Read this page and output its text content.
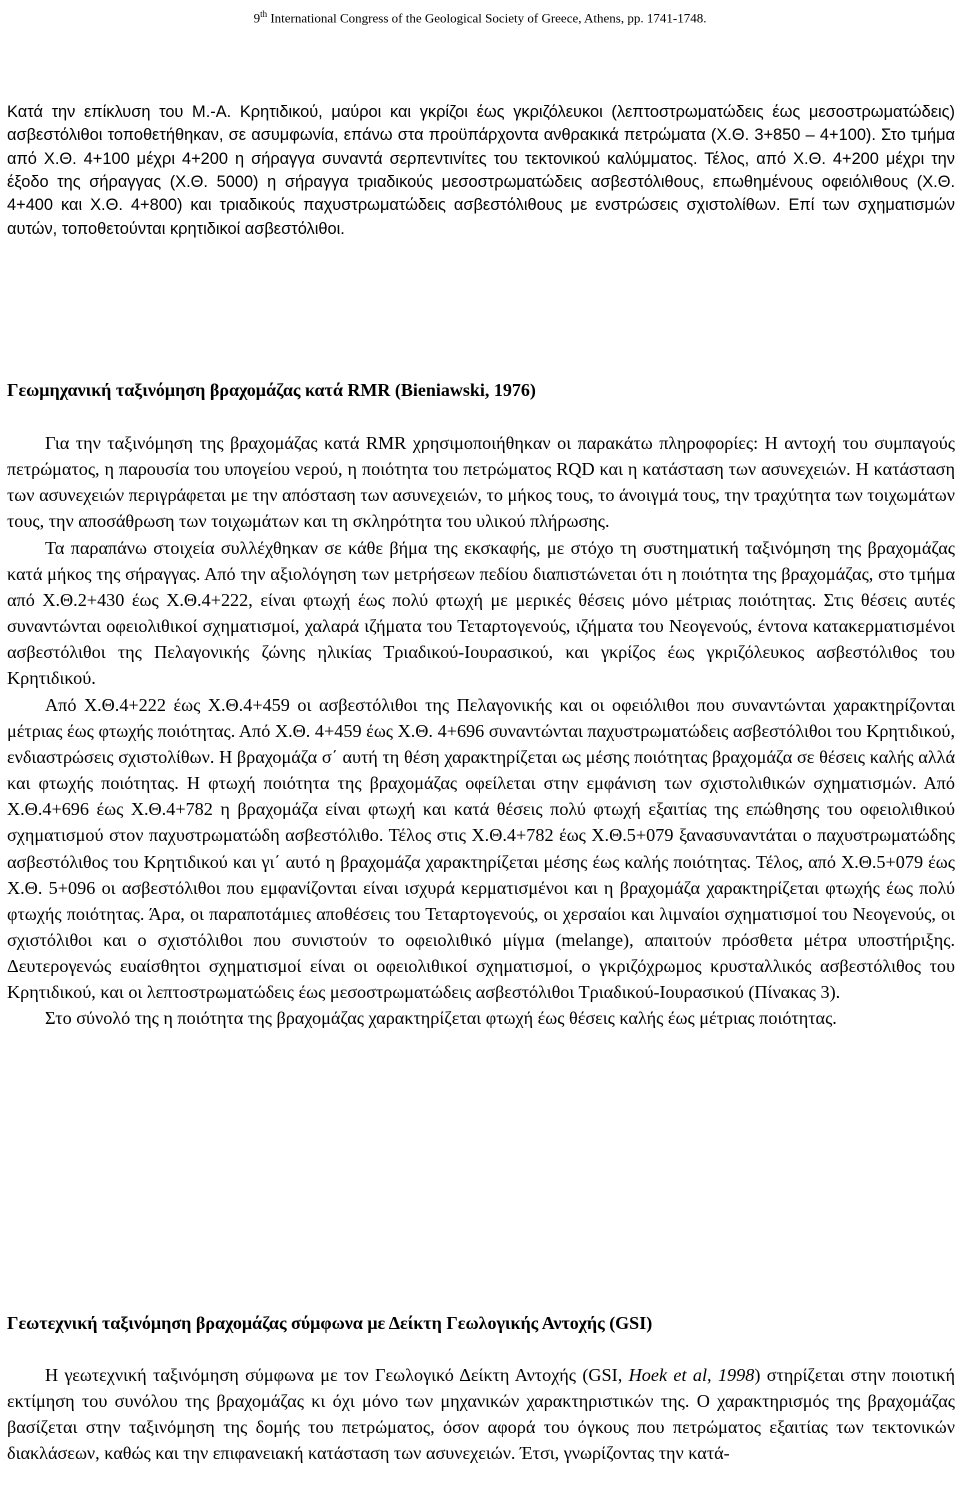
9th International Congress of the Geological Society of Greece, Athens, pp. 1741-1748.

Κατά την επίκλυση του Μ.-Α. Κρητιδικού, μαύροι και γκρίζοι έως γκριζόλευκοι (λεπτοστρωματώδεις έως μεσοστρωματώδεις) ασβεστόλιθοι τοποθετήθηκαν, σε ασυμφωνία, επάνω στα προϋπάρχοντα ανθρακικά πετρώματα (Χ.Θ. 3+850 – 4+100). Στο τμήμα από Χ.Θ. 4+100 μέχρι 4+200 η σήραγγα συναντά σερπεντινίτες του τεκτονικού καλύμματος. Τέλος, από Χ.Θ. 4+200 μέχρι την έξοδο της σήραγγας (Χ.Θ. 5000) η σήραγγα τριαδικούς μεσοστρωματώδεις ασβεστόλιθους, επωθημένους οφειόλιθους (Χ.Θ. 4+400 και Χ.Θ. 4+800) και τριαδικούς παχυστρωματώδεις ασβεστόλιθους με ενστρώσεις σχιστολίθων. Επί των σχηματισμών αυτών, τοποθετούνται κρητιδικοί ασβεστόλιθοι.

Γεωμηχανική ταξινόμηση βραχομάζας κατά RMR (Bieniawski, 1976)

Για την ταξινόμηση της βραχομάζας κατά RMR χρησιμοποιήθηκαν οι παρακάτω πληροφορίες: Η αντοχή του συμπαγούς πετρώματος, η παρουσία του υπογείου νερού, η ποιότητα του πετρώματος RQD και η κατάσταση των ασυνεχειών. Η κατάσταση των ασυνεχειών περιγράφεται με την απόσταση των ασυνεχειών, το μήκος τους, το άνοιγμά τους, την τραχύτητα των τοιχωμάτων τους, την αποσάθρωση των τοιχωμάτων και τη σκληρότητα του υλικού πλήρωσης.

Τα παραπάνω στοιχεία συλλέχθηκαν σε κάθε βήμα της εκσκαφής, με στόχο τη συστηματική ταξινόμηση της βραχομάζας κατά μήκος της σήραγγας. Από την αξιολόγηση των μετρήσεων πεδίου διαπιστώνεται ότι η ποιότητα της βραχομάζας, στο τμήμα από Χ.Θ.2+430 έως Χ.Θ.4+222, είναι φτωχή έως πολύ φτωχή με μερικές θέσεις μόνο μέτριας ποιότητας. Στις θέσεις αυτές συναντώνται οφειολιθικοί σχηματισμοί, χαλαρά ιζήματα του Τεταρτογενούς, ιζήματα του Νεογενούς, έντονα κατακερματισμένοι ασβεστόλιθοι της Πελαγονικής ζώνης ηλικίας Τριαδικού-Ιουρασικού, και γκρίζος έως γκριζόλευκος ασβεστόλιθος του Κρητιδικού.

Από Χ.Θ.4+222 έως Χ.Θ.4+459 οι ασβεστόλιθοι της Πελαγονικής και οι οφειόλιθοι που συναντώνται χαρακτηρίζονται μέτριας έως φτωχής ποιότητας. Από Χ.Θ. 4+459 έως Χ.Θ. 4+696 συναντώνται παχυστρωματώδεις ασβεστόλιθοι του Κρητιδικού, ενδιαστρώσεις σχιστολίθων. Η βραχομάζα σ΄ αυτή τη θέση χαρακτηρίζεται ως μέσης ποιότητας βραχομάζα σε θέσεις καλής αλλά και φτωχής ποιότητας. Η φτωχή ποιότητα της βραχομάζας οφείλεται στην εμφάνιση των σχιστολιθικών σχηματισμών. Από Χ.Θ.4+696 έως Χ.Θ.4+782 η βραχομάζα είναι φτωχή και κατά θέσεις πολύ φτωχή εξαιτίας της επώθησης του οφειολιθικού σχηματισμού στον παχυστρωματώδη ασβεστόλιθο. Τέλος στις Χ.Θ.4+782 έως Χ.Θ.5+079 ξανασυναντάται ο παχυστρωματώδης ασβεστόλιθος του Κρητιδικού και γι΄ αυτό η βραχομάζα χαρακτηρίζεται μέσης έως καλής ποιότητας. Τέλος, από Χ.Θ.5+079 έως Χ.Θ. 5+096 οι ασβεστόλιθοι που εμφανίζονται είναι ισχυρά κερματισμένοι και η βραχομάζα χαρακτηρίζεται φτωχής έως πολύ φτωχής ποιότητας. Άρα, οι παραποτάμιες αποθέσεις του Τεταρτογενούς, οι χερσαίοι και λιμναίοι σχηματισμοί του Νεογενούς, οι σχιστόλιθοι και ο σχιστόλιθοι που συνιστούν το οφειολιθικό μίγμα (melange), απαιτούν πρόσθετα μέτρα υποστήριξης. Δευτερογενώς ευαίσθητοι σχηματισμοί είναι οι οφειολιθικοί σχηματισμοί, ο γκριζόχρωμος κρυσταλλικός ασβεστόλιθος του Κρητιδικού, και οι λεπτοστρωματώδεις έως μεσοστρωματώδεις ασβεστόλιθοι Τριαδικού-Ιουρασικού (Πίνακας 3).

Στο σύνολό της η ποιότητα της βραχομάζας χαρακτηρίζεται φτωχή έως θέσεις καλής έως μέτριας ποιότητας.

Γεωτεχνική ταξινόμηση βραχομάζας σύμφωνα με Δείκτη Γεωλογικής Αντοχής (GSI)

Η γεωτεχνική ταξινόμηση σύμφωνα με τον Γεωλογικό Δείκτη Αντοχής (GSI, Hoek et al, 1998) στηρίζεται στην ποιοτική εκτίμηση του συνόλου της βραχομάζας κι όχι μόνο των μηχανικών χαρακτηριστικών της. Ο χαρακτηρισμός της βραχομάζας βασίζεται στην ταξινόμηση της δομής του πετρώματος, όσον αφορά του όγκους που πετρώματος εξαιτίας των τεκτονικών διακλάσεων, καθώς και την επιφανειακή κατάσταση των ασυνεχειών. Έτσι, γνωρίζοντας την κατά-
